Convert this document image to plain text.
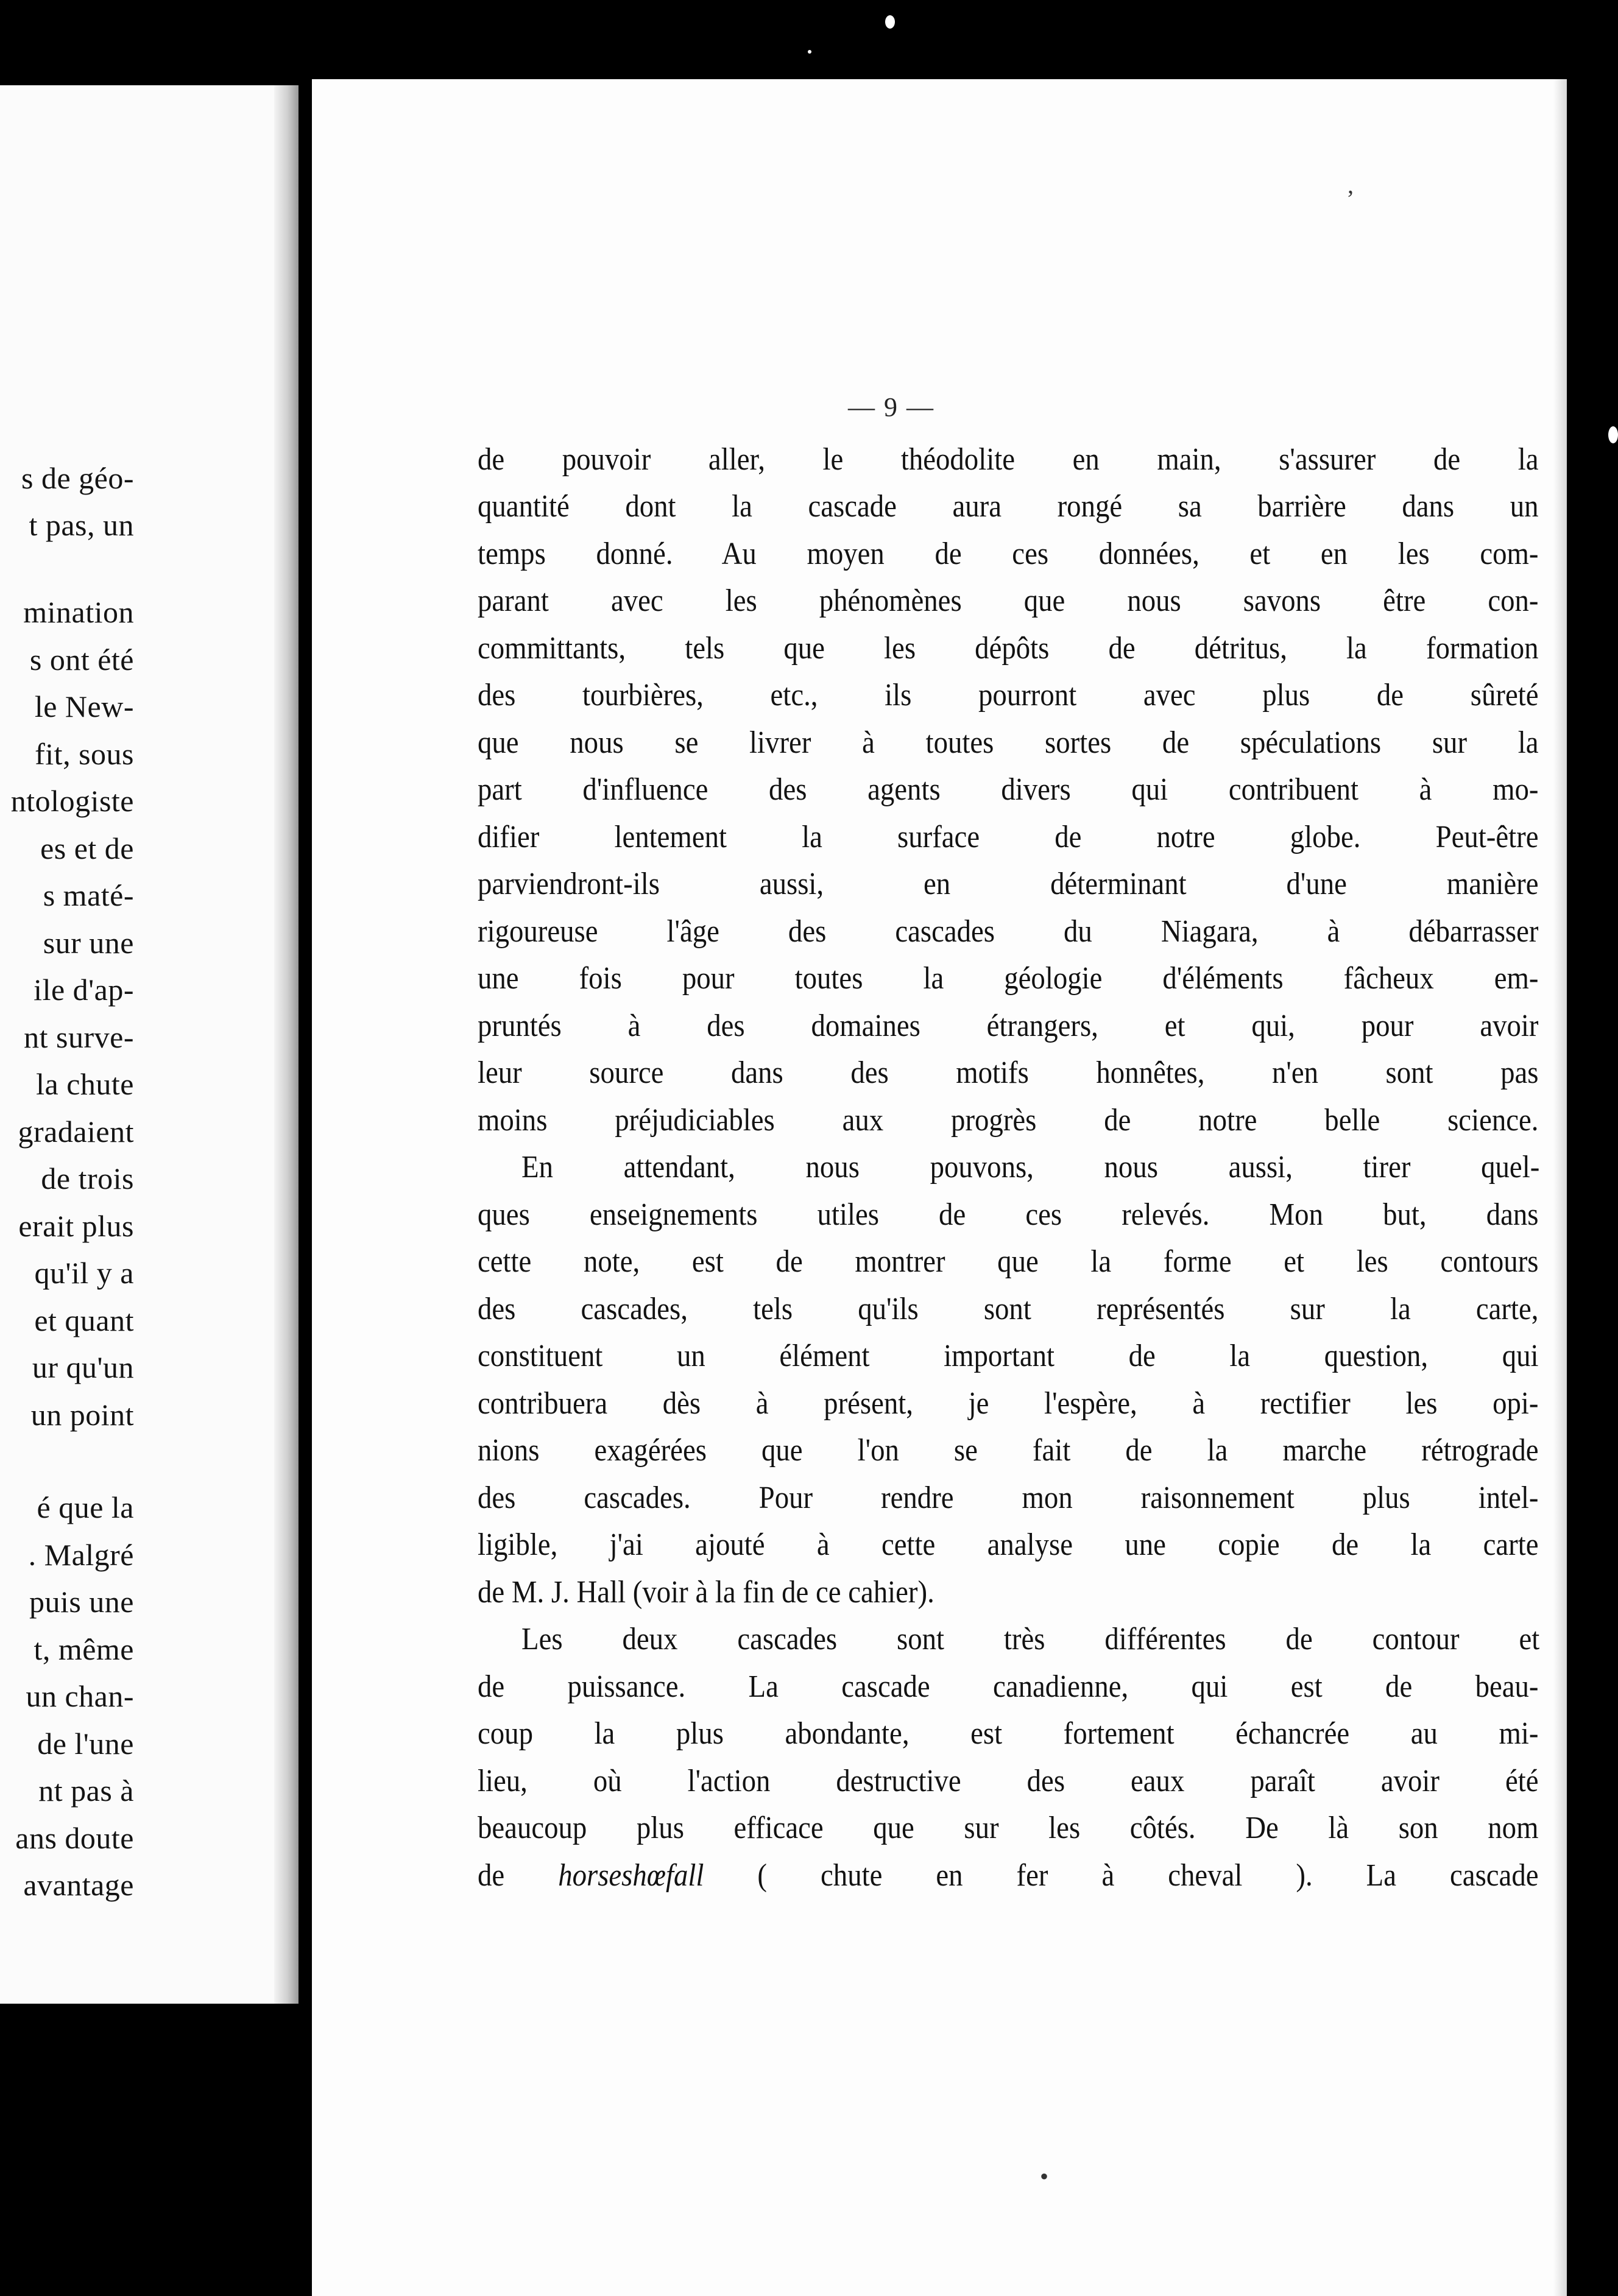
s de géo-
t pas, un
mination
s ont été
le New-
fit, sous
ntologiste
es et de
s maté-
sur une
ile d'ap-
nt surve-
la chute
gradaient
de trois
erait plus
qu'il y a
et quant
ur qu'un
un point
é que la
. Malgré
puis une
t, même
un chan-
de l'une
nt pas à
ans doute
avantage
,
— 9 —
de pouvoir aller, le théodolite en main, s'assurer de la
quantité dont la cascade aura rongé sa barrière dans un
temps donné. Au moyen de ces données, et en les com-
parant avec les phénomènes que nous savons être con-
committants, tels que les dépôts de détritus, la formation
des tourbières, etc., ils pourront avec plus de sûreté
que nous se livrer à toutes sortes de spéculations sur la
part d'influence des agents divers qui contribuent à mo-
difier lentement la surface de notre globe. Peut-être
parviendront-ils aussi, en déterminant d'une manière
rigoureuse l'âge des cascades du Niagara, à débarrasser
une fois pour toutes la géologie d'éléments fâcheux em-
pruntés à des domaines étrangers, et qui, pour avoir
leur source dans des motifs honnêtes, n'en sont pas
moins préjudiciables aux progrès de notre belle science.
En attendant, nous pouvons, nous aussi, tirer quel-
ques enseignements utiles de ces relevés. Mon but, dans
cette note, est de montrer que la forme et les contours
des cascades, tels qu'ils sont représentés sur la carte,
constituent un élément important de la question, qui
contribuera dès à présent, je l'espère, à rectifier les opi-
nions exagérées que l'on se fait de la marche rétrograde
des cascades. Pour rendre mon raisonnement plus intel-
ligible, j'ai ajouté à cette analyse une copie de la carte
de M. J. Hall (voir à la fin de ce cahier).
Les deux cascades sont très différentes de contour et
de puissance. La cascade canadienne, qui est de beau-
coup la plus abondante, est fortement échancrée au mi-
lieu, où l'action destructive des eaux paraît avoir été
beaucoup plus efficace que sur les côtés. De là son nom
de horseshœfall ( chute en fer à cheval ). La cascade
•
